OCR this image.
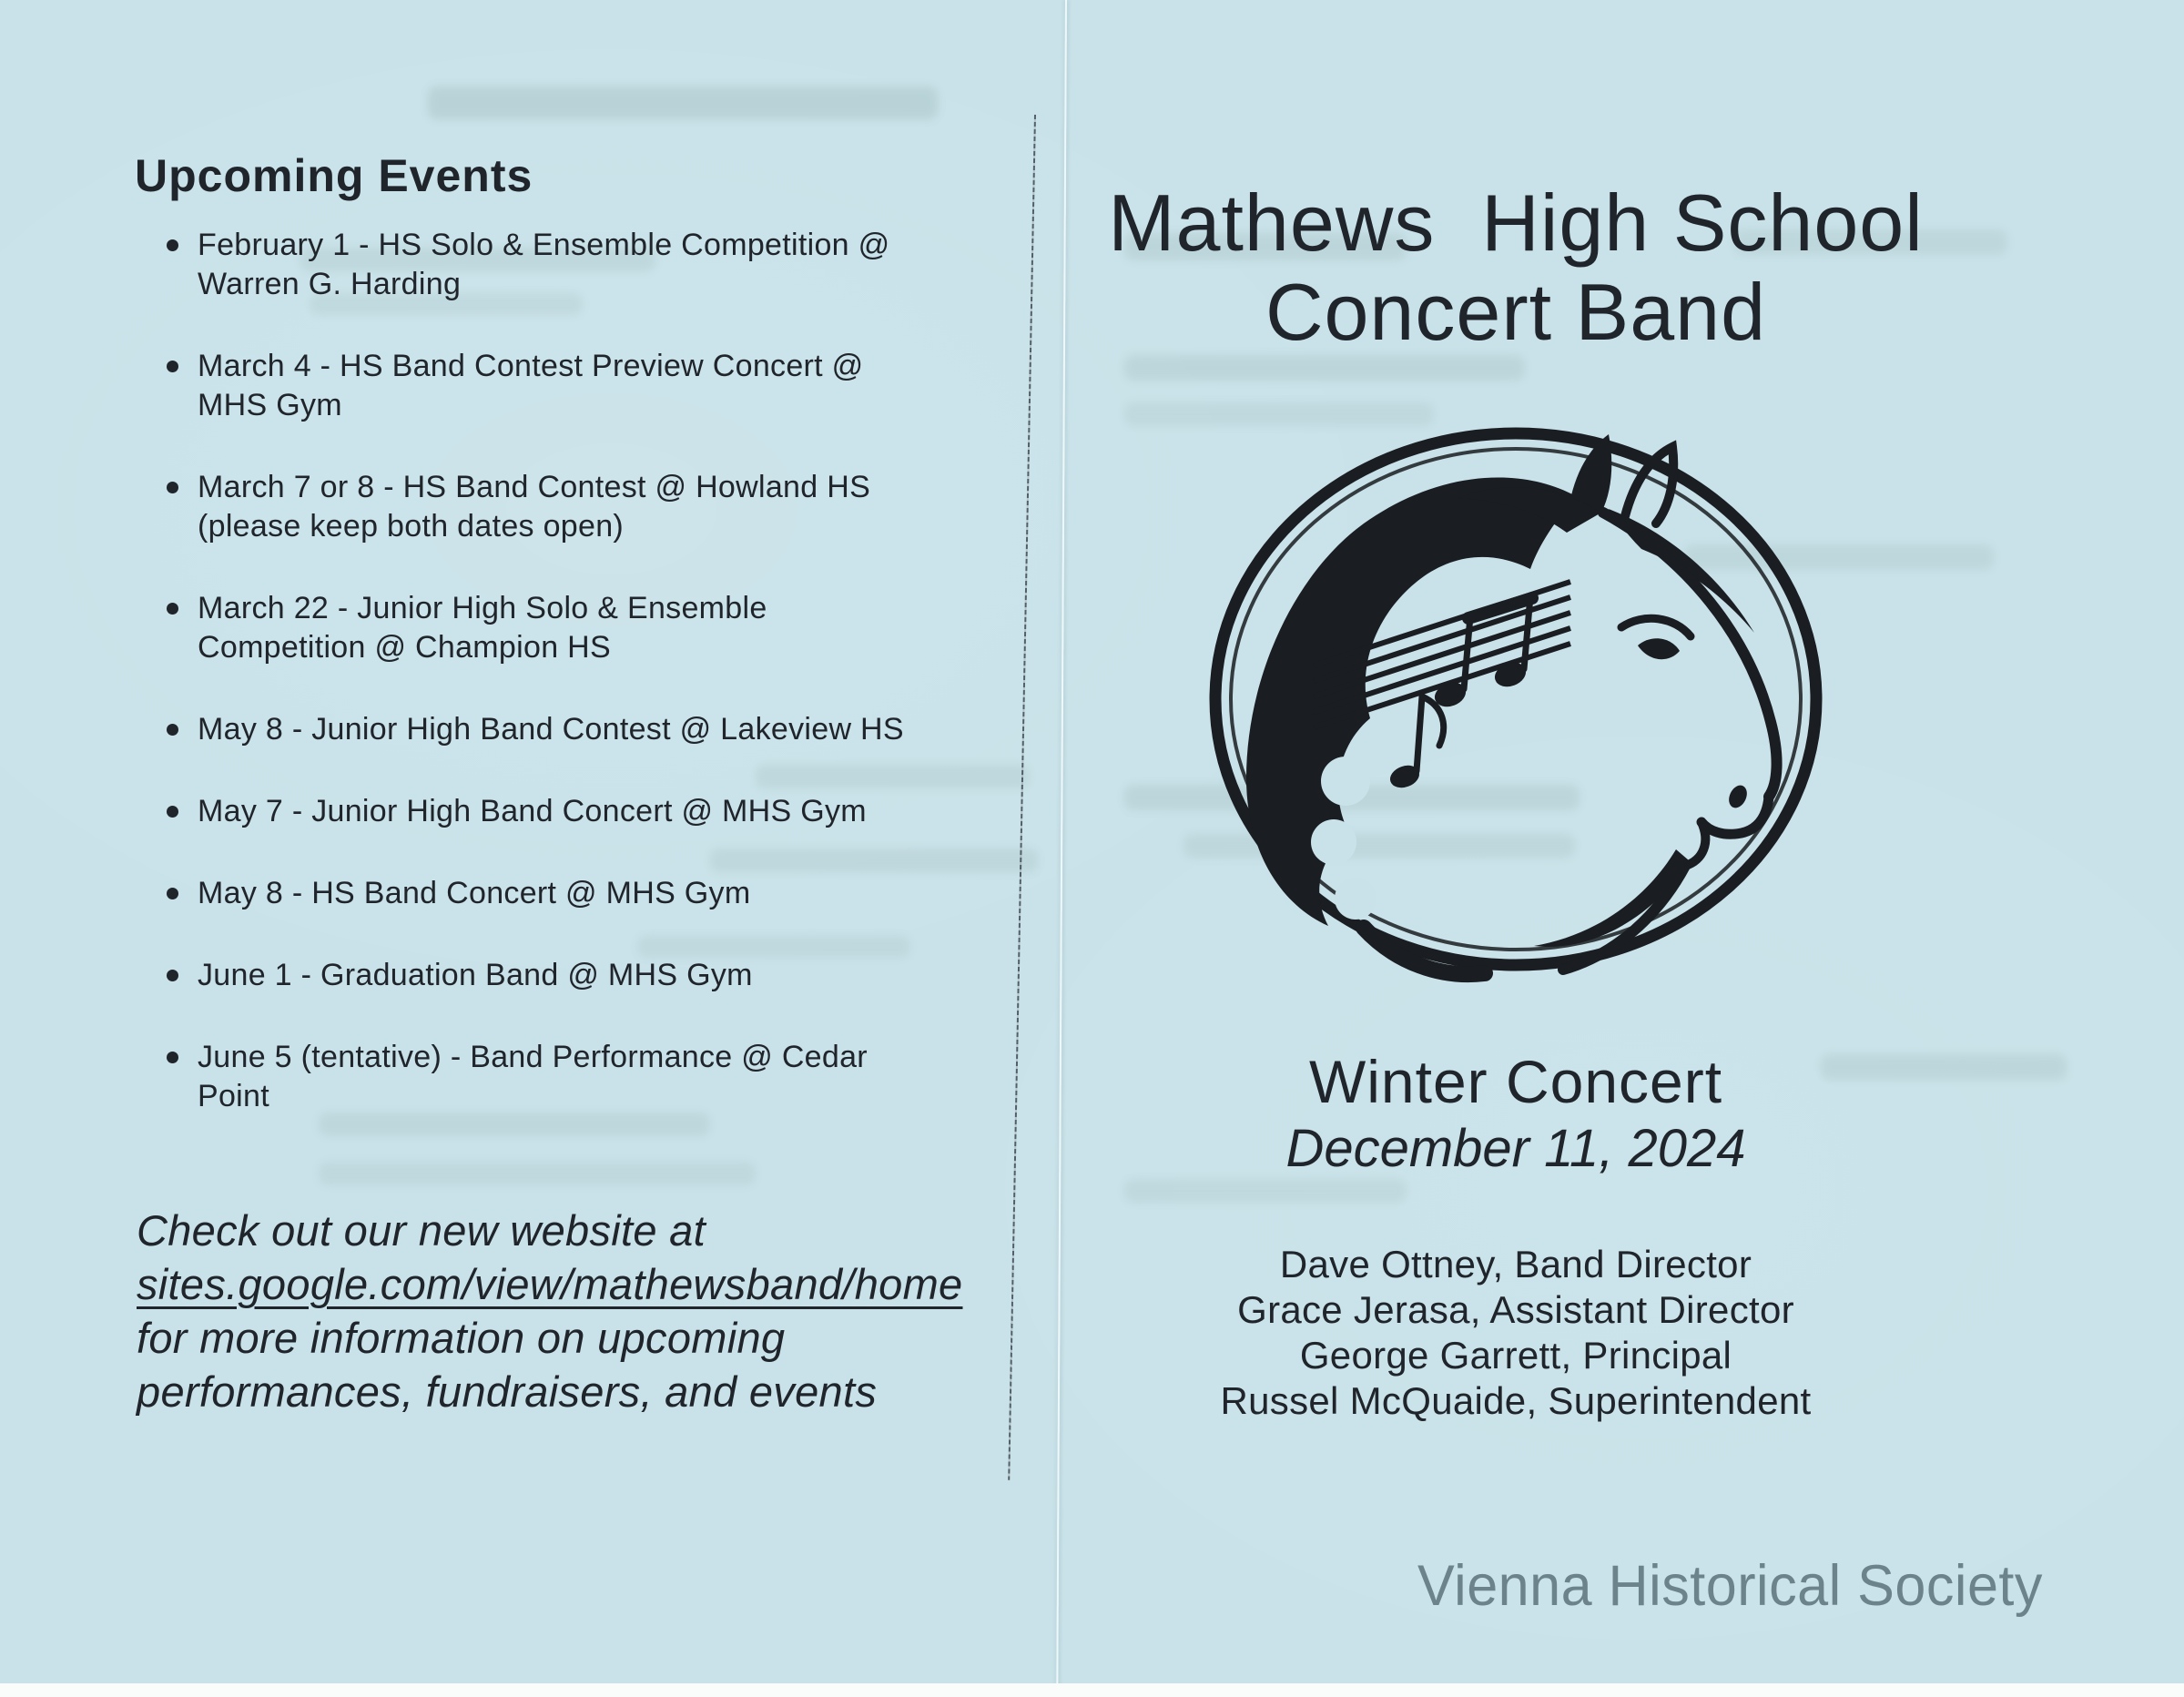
Upcoming Events
February 1 - HS Solo & Ensemble Competition @
Warren G. Harding
March 4 - HS Band Contest Preview Concert @
MHS Gym
March 7 or 8 - HS Band Contest @ Howland HS
(please keep both dates open)
March 22 - Junior High Solo & Ensemble
Competition @ Champion HS
May 8 - Junior High Band Contest @ Lakeview HS
May 7 - Junior High Band Concert @ MHS Gym
May 8 - HS Band Concert @ MHS Gym
June 1 - Graduation Band @ MHS Gym
June 5 (tentative) - Band Performance @ Cedar
Point
Check out our new website at
sites.google.com/view/mathewsband/home
for more information on upcoming
performances, fundraisers, and events
Mathews  High School
Concert Band
Winter Concert
December 11, 2024
Dave Ottney, Band Director
Grace Jerasa, Assistant Director
George Garrett, Principal
Russel McQuaide, Superintendent
Vienna Historical Society
